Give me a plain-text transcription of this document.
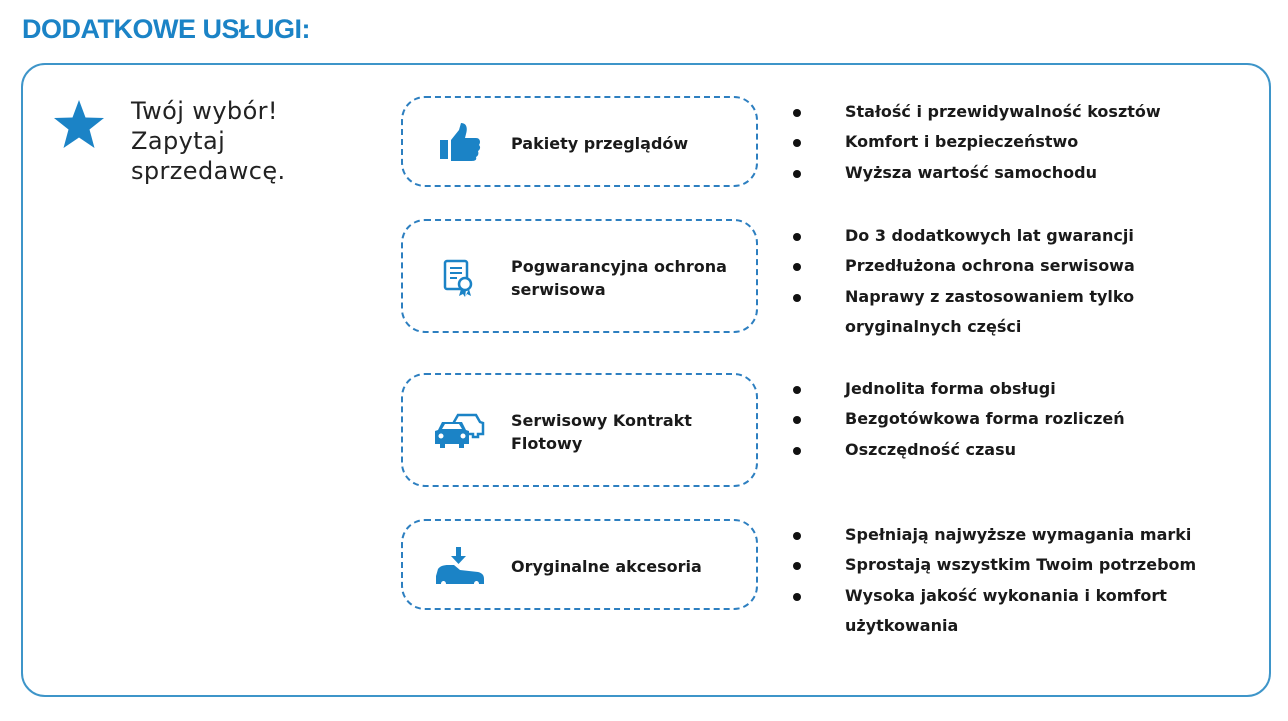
DODATKOWE USŁUGI:
Twój wybór!
Zapytaj
sprzedawcę.
Pakiety przeglądów
Pogwarancyjna ochrona
serwisowa
Serwisowy Kontrakt
Flotowy
Oryginalne akcesoria
Stałość i przewidywalność kosztów
Komfort i bezpieczeństwo
Wyższa wartość samochodu
Do 3 dodatkowych lat gwarancji
Przedłużona ochrona serwisowa
Naprawy z zastosowaniem tylko oryginalnych części
Jednolita forma obsługi
Bezgotówkowa forma rozliczeń
Oszczędność czasu
Spełniają najwyższe wymagania marki
Sprostają wszystkim Twoim potrzebom
Wysoka jakość wykonania i komfort użytkowania
